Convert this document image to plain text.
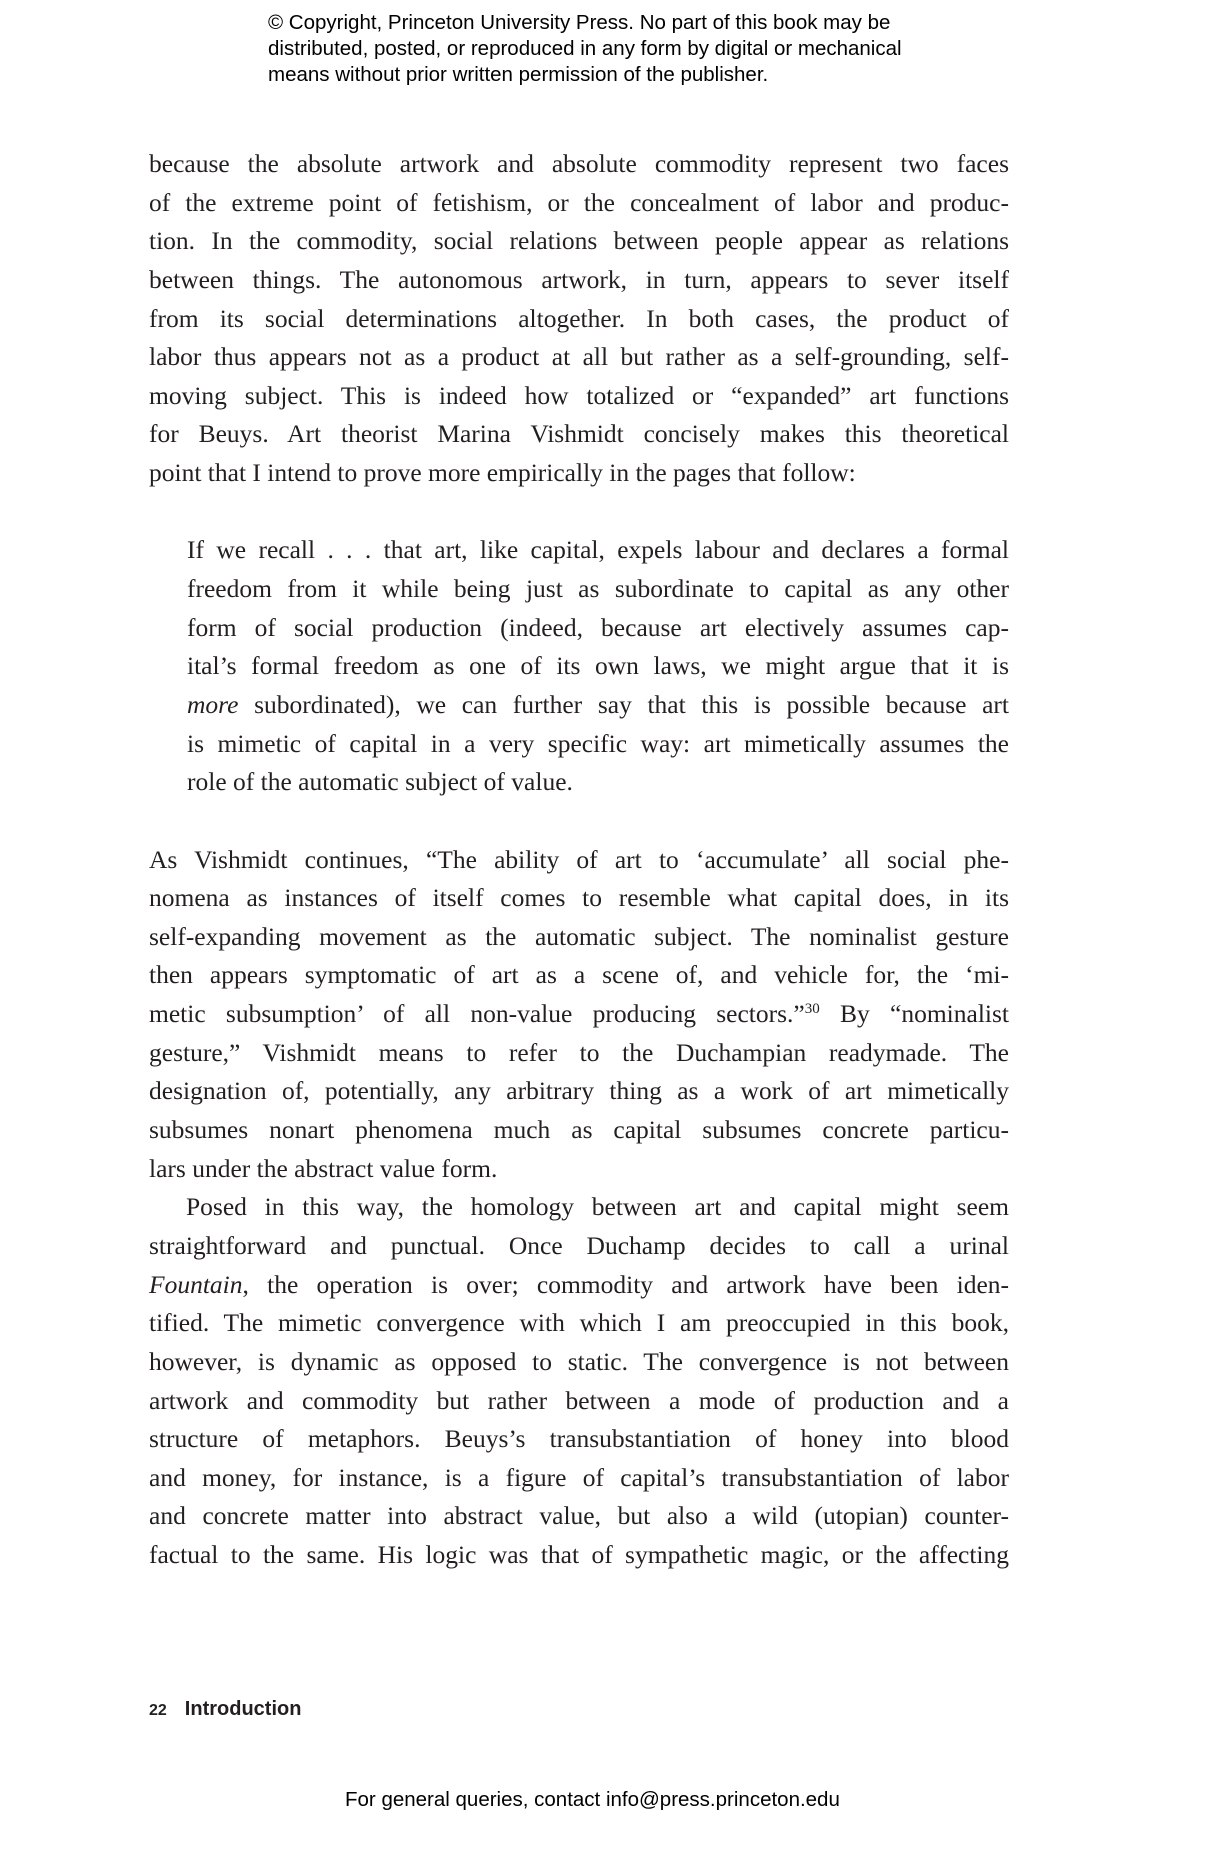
© Copyright, Princeton University Press. No part of this book may be
distributed, posted, or reproduced in any form by digital or mechanical
means without prior written permission of the publisher.
because the absolute artwork and absolute commodity represent two faces
of the extreme point of fetishism, or the concealment of labor and produc-
tion. In the commodity, social relations between people appear as relations
between things. The autonomous artwork, in turn, appears to sever itself
from its social determinations altogether. In both cases, the product of
labor thus appears not as a product at all but rather as a self-grounding, self-
moving subject. This is indeed how totalized or “expanded” art functions
for Beuys. Art theorist Marina Vishmidt concisely makes this theoretical
point that I intend to prove more empirically in the pages that follow:
If we recall . . . that art, like capital, expels labour and declares a formal
freedom from it while being just as subordinate to capital as any other
form of social production (indeed, because art electively assumes cap-
ital’s formal freedom as one of its own laws, we might argue that it is
more subordinated), we can further say that this is possible because art
is mimetic of capital in a very specific way: art mimetically assumes the
role of the automatic subject of value.
As Vishmidt continues, “The ability of art to ‘accumulate’ all social phe-
nomena as instances of itself comes to resemble what capital does, in its
self-expanding movement as the automatic subject. The nominalist gesture
then appears symptomatic of art as a scene of, and vehicle for, the ‘mi-
metic subsumption’ of all non-value producing sectors.”$^{30}$ By “nominalist
gesture,” Vishmidt means to refer to the Duchampian readymade. The
designation of, potentially, any arbitrary thing as a work of art mimetically
subsumes nonart phenomena much as capital subsumes concrete particu-
lars under the abstract value form.
Posed in this way, the homology between art and capital might seem
straightforward and punctual. Once Duchamp decides to call a urinal
Fountain, the operation is over; commodity and artwork have been iden-
tified. The mimetic convergence with which I am preoccupied in this book,
however, is dynamic as opposed to static. The convergence is not between
artwork and commodity but rather between a mode of production and a
structure of metaphors. Beuys’s transubstantiation of honey into blood
and money, for instance, is a figure of capital’s transubstantiation of labor
and concrete matter into abstract value, but also a wild (utopian) counter-
factual to the same. His logic was that of sympathetic magic, or the affecting
22 Introduction
For general queries, contact info@press.princeton.edu
